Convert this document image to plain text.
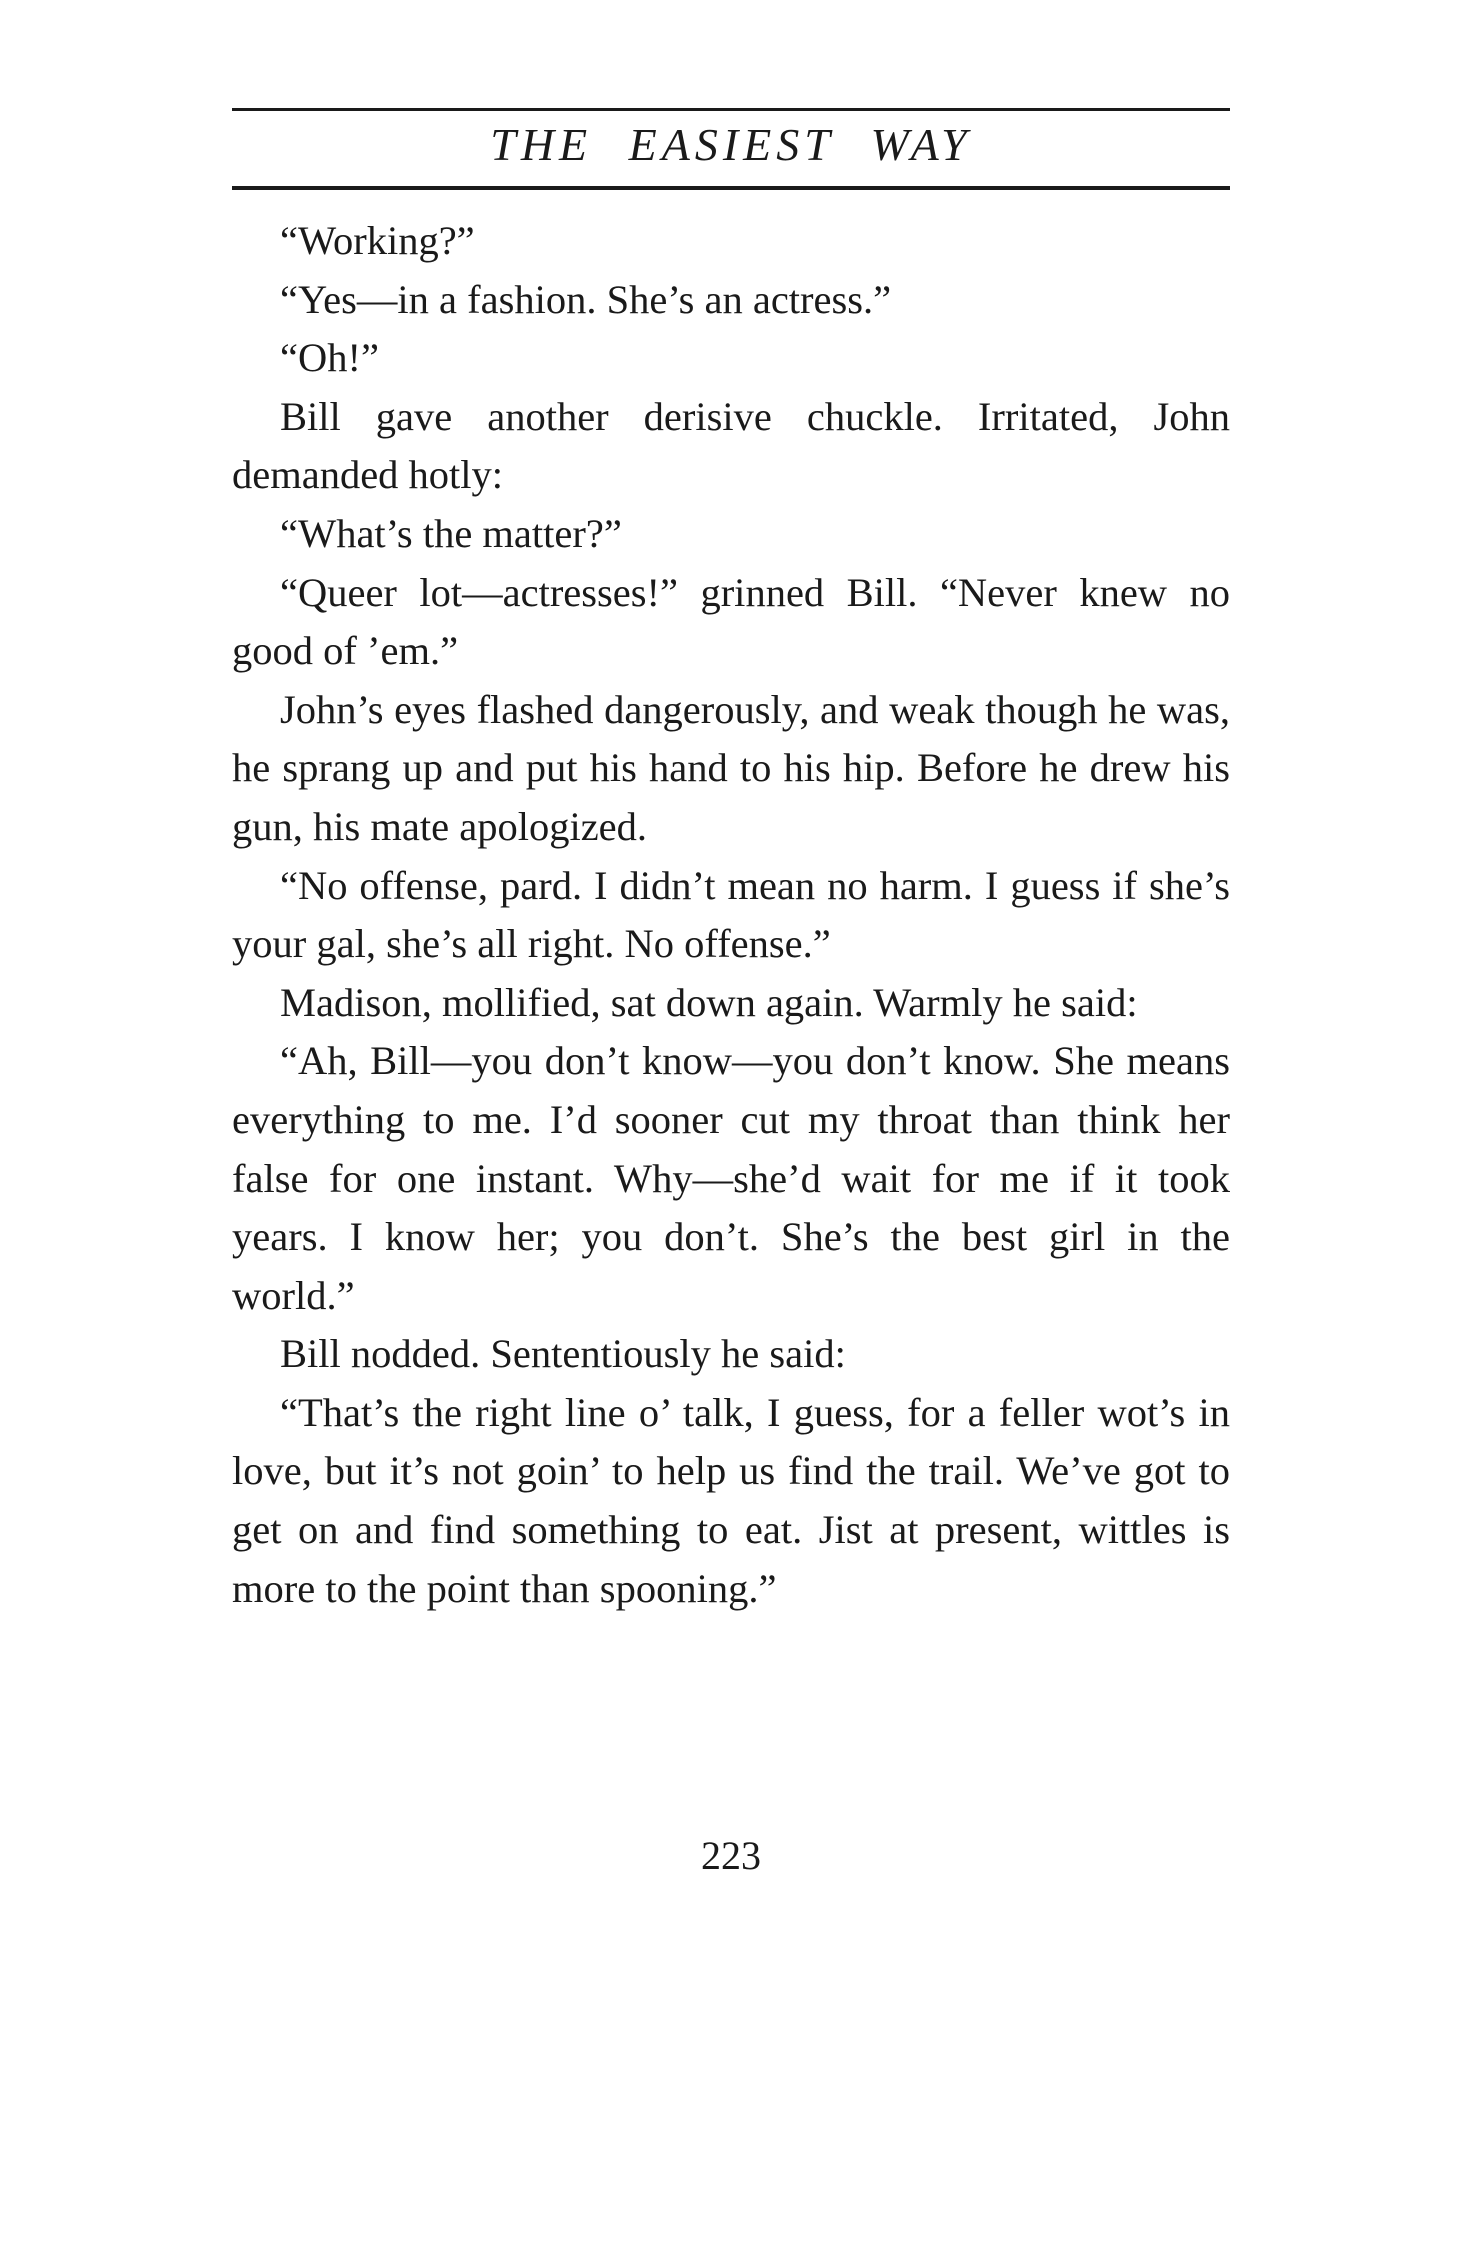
THE EASIEST WAY

“Working?”

“Yes—in a fashion. She’s an actress.”

“Oh!”

Bill gave another derisive chuckle. Irritated, John demanded hotly:

“What’s the matter?”

“Queer lot—actresses!” grinned Bill. “Never knew no good of ’em.”

John’s eyes flashed dangerously, and weak though he was, he sprang up and put his hand to his hip. Before he drew his gun, his mate apologized.

“No offense, pard. I didn’t mean no harm. I guess if she’s your gal, she’s all right. No offense.”

Madison, mollified, sat down again. Warmly he said:

“Ah, Bill—you don’t know—you don’t know. She means everything to me. I’d sooner cut my throat than think her false for one instant. Why—she’d wait for me if it took years. I know her; you don’t. She’s the best girl in the world.”

Bill nodded. Sententiously he said:

“That’s the right line o’ talk, I guess, for a feller wot’s in love, but it’s not goin’ to help us find the trail. We’ve got to get on and find something to eat. Jist at present, wittles is more to the point than spooning.”

223
